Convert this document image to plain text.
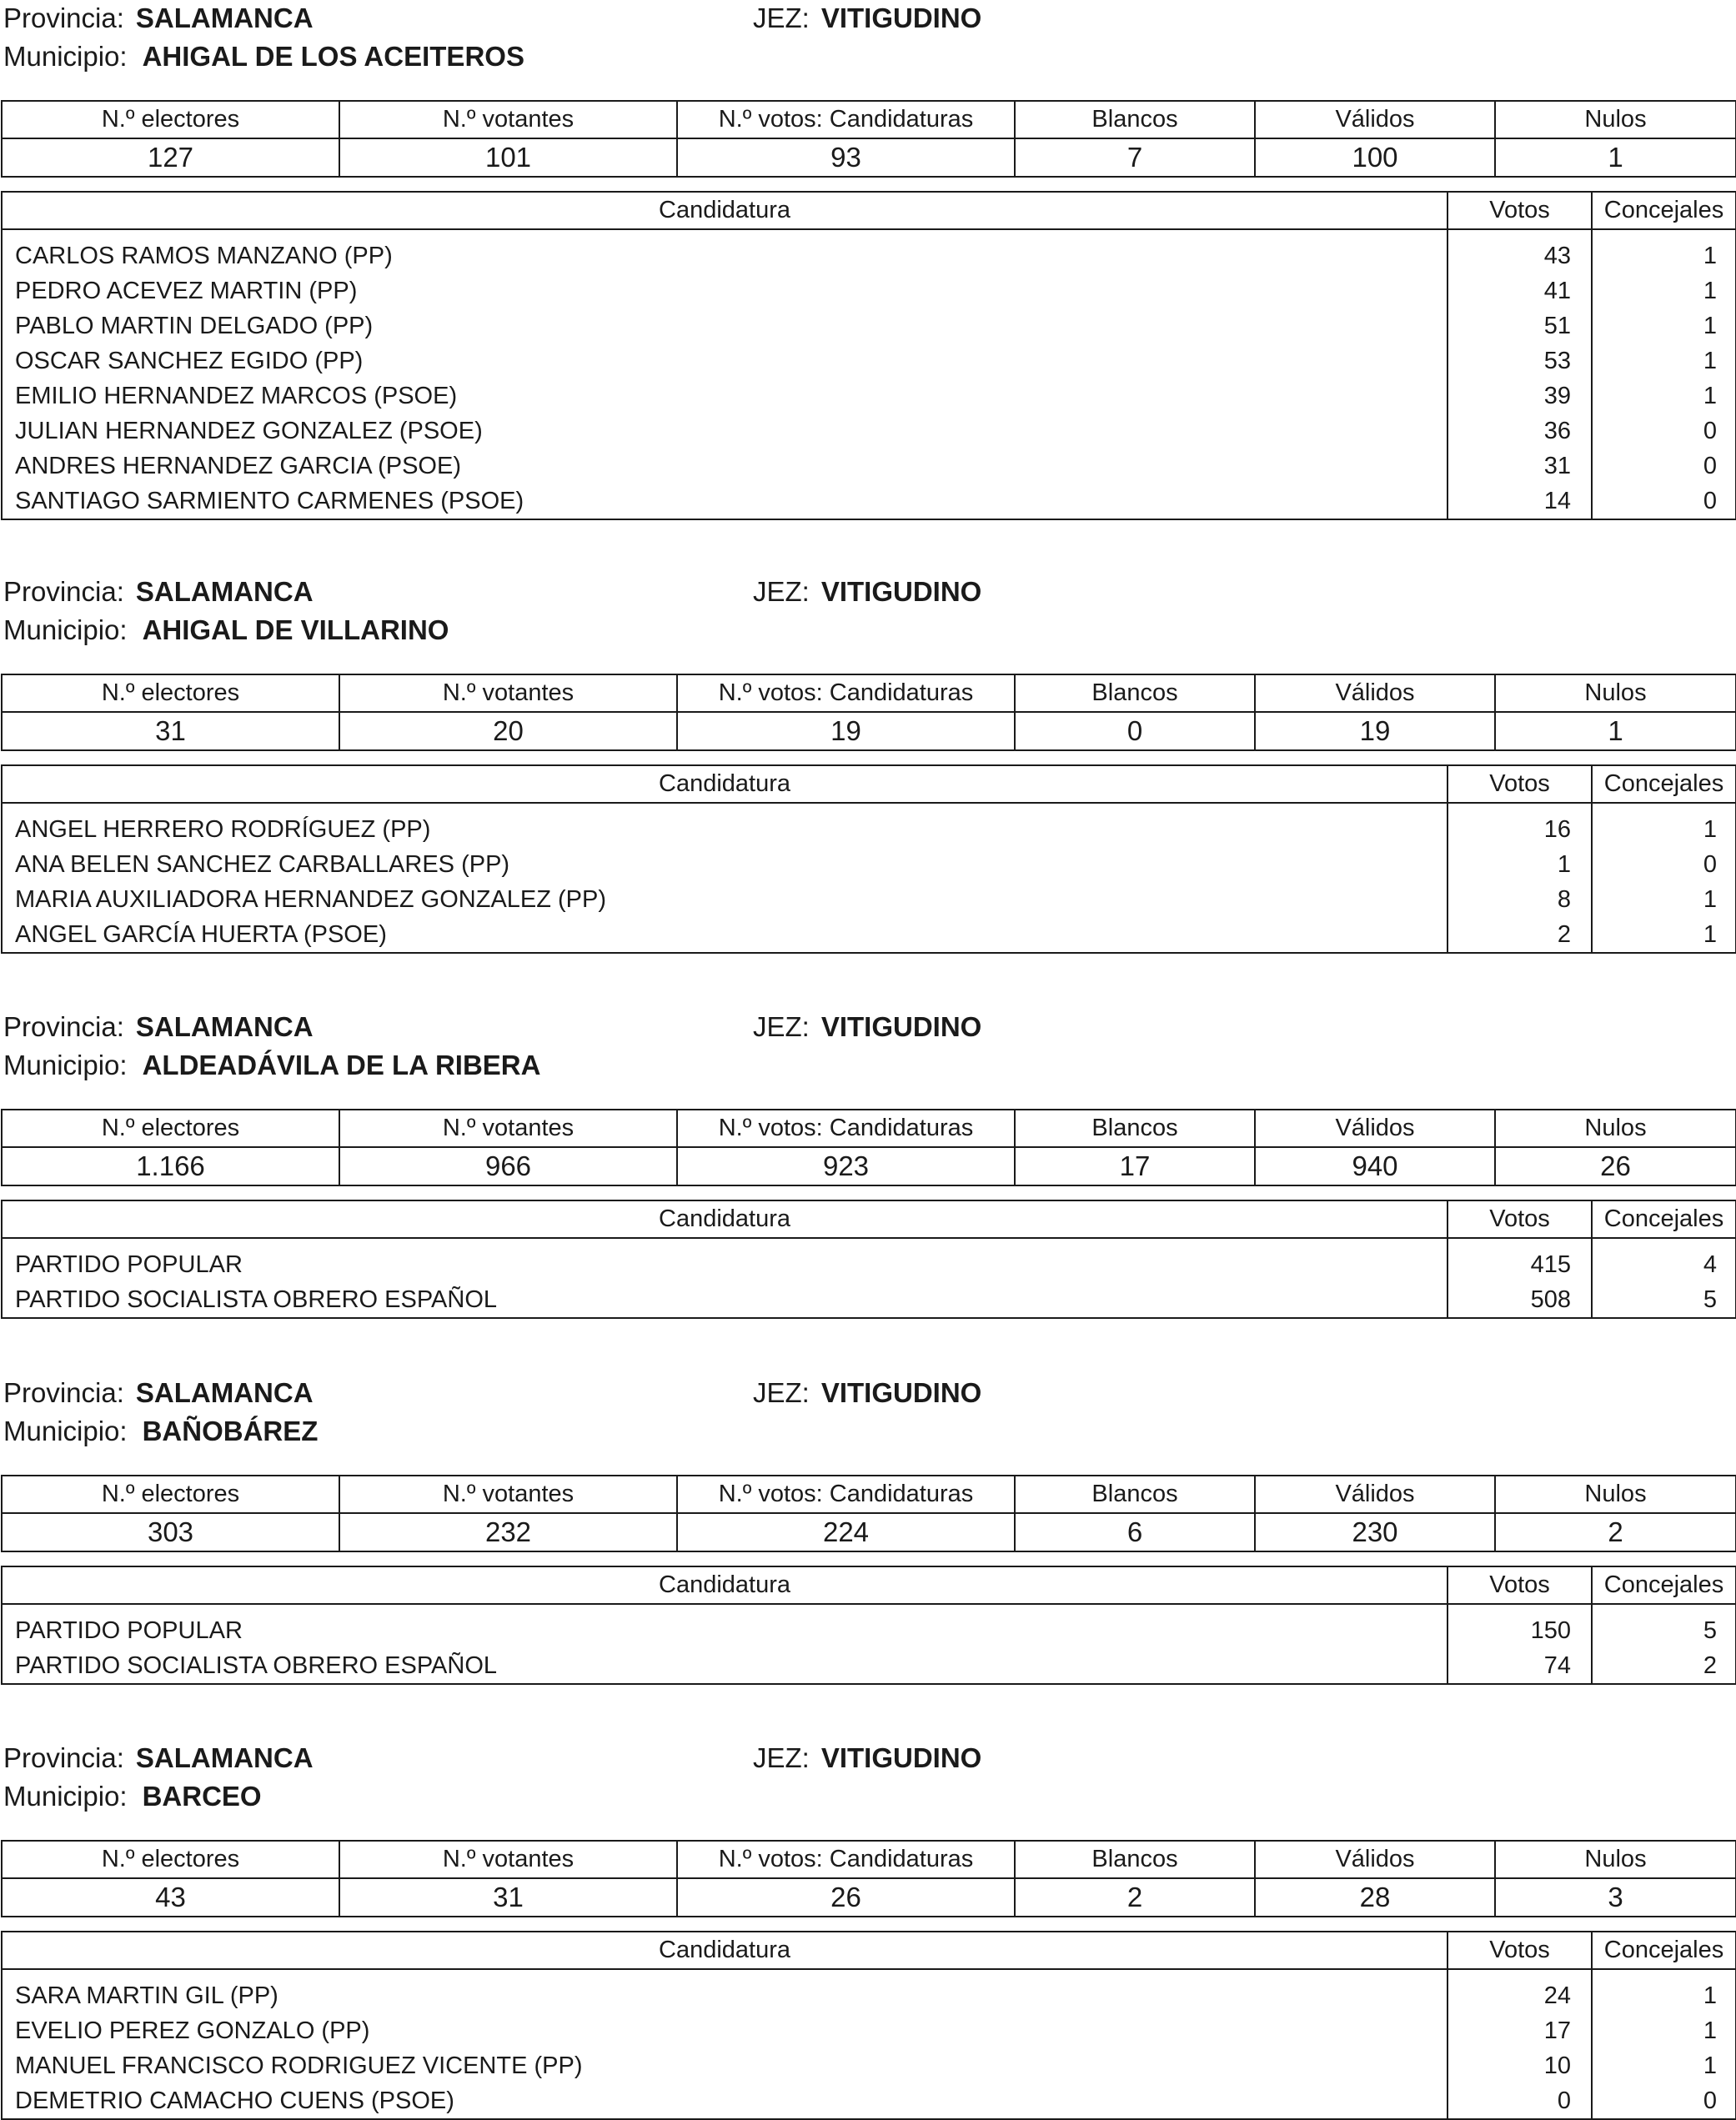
Provincia: SALAMANCA	JEZ: VITIGUDINO
Municipio: AHIGAL DE LOS ACEITEROS
N.º electores	N.º votantes	N.º votos: Candidaturas	Blancos	Válidos	Nulos
127	101	93	7	100	1
Candidatura	Votos	Concejales
CARLOS RAMOS MANZANO (PP)	43	1
PEDRO ACEVEZ MARTIN (PP)	41	1
PABLO MARTIN DELGADO (PP)	51	1
OSCAR SANCHEZ EGIDO (PP)	53	1
EMILIO HERNANDEZ MARCOS (PSOE)	39	1
JULIAN HERNANDEZ GONZALEZ (PSOE)	36	0
ANDRES HERNANDEZ GARCIA (PSOE)	31	0
SANTIAGO SARMIENTO CARMENES (PSOE)	14	0
Provincia: SALAMANCA	JEZ: VITIGUDINO
Municipio: AHIGAL DE VILLARINO
N.º electores	N.º votantes	N.º votos: Candidaturas	Blancos	Válidos	Nulos
31	20	19	0	19	1
Candidatura	Votos	Concejales
ANGEL HERRERO RODRÍGUEZ (PP)	16	1
ANA BELEN SANCHEZ CARBALLARES (PP)	1	0
MARIA AUXILIADORA HERNANDEZ GONZALEZ (PP)	8	1
ANGEL GARCÍA HUERTA (PSOE)	2	1
Provincia: SALAMANCA	JEZ: VITIGUDINO
Municipio: ALDEADÁVILA DE LA RIBERA
N.º electores	N.º votantes	N.º votos: Candidaturas	Blancos	Válidos	Nulos
1.166	966	923	17	940	26
Candidatura	Votos	Concejales
PARTIDO POPULAR	415	4
PARTIDO SOCIALISTA OBRERO ESPAÑOL	508	5
Provincia: SALAMANCA	JEZ: VITIGUDINO
Municipio: BAÑOBÁREZ
N.º electores	N.º votantes	N.º votos: Candidaturas	Blancos	Válidos	Nulos
303	232	224	6	230	2
Candidatura	Votos	Concejales
PARTIDO POPULAR	150	5
PARTIDO SOCIALISTA OBRERO ESPAÑOL	74	2
Provincia: SALAMANCA	JEZ: VITIGUDINO
Municipio: BARCEO
N.º electores	N.º votantes	N.º votos: Candidaturas	Blancos	Válidos	Nulos
43	31	26	2	28	3
Candidatura	Votos	Concejales
SARA MARTIN GIL (PP)	24	1
EVELIO PEREZ GONZALO (PP)	17	1
MANUEL FRANCISCO RODRIGUEZ VICENTE (PP)	10	1
DEMETRIO CAMACHO CUENS (PSOE)	0	0
